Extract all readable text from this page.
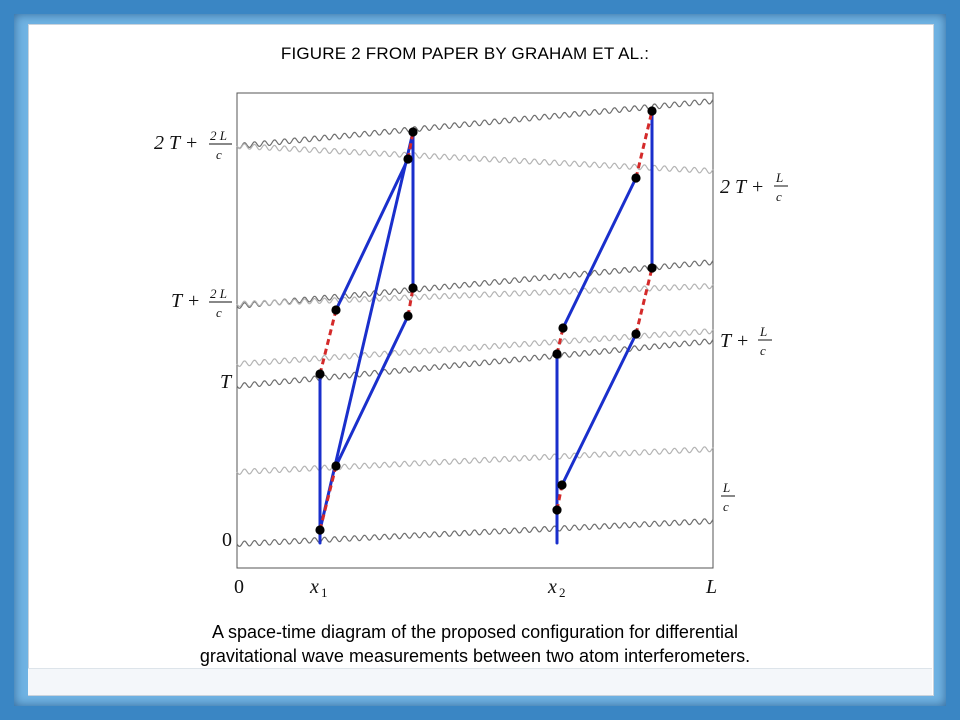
FIGURE 2 FROM PAPER BY GRAHAM ET AL.:
0	x 1	x 2	L
0
T
T + 2 L
c
2 T + 2 L
c
L
c
T + L
c
2 T + L
c
A space-time diagram of the proposed configuration for differential
gravitational wave measurements between two atom interferometers.
